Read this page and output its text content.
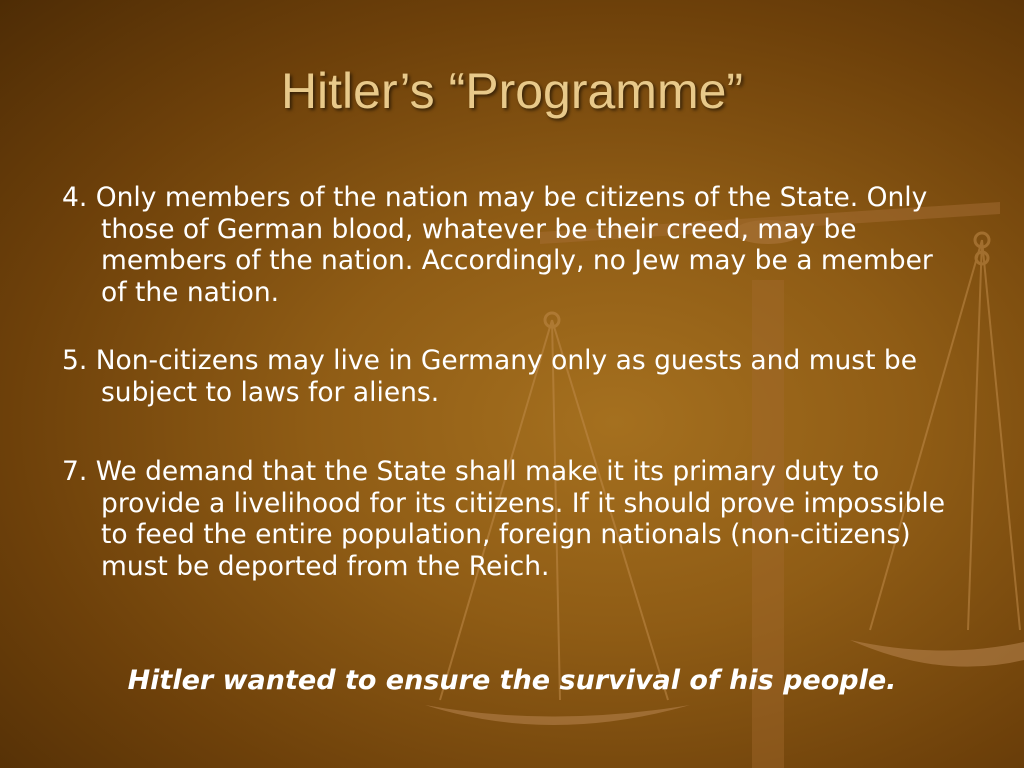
Hitler’s “Programme”

4. Only members of the nation may be citizens of the State. Only those of German blood, whatever be their creed, may be members of the nation. Accordingly, no Jew may be a member of the nation.

5. Non-citizens may live in Germany only as guests and must be subject to laws for aliens.

7. We demand that the State shall make it its primary duty to provide a livelihood for its citizens. If it should prove impossible to feed the entire population, foreign nationals (non-citizens) must be deported from the Reich.

Hitler wanted to ensure the survival of his people.
